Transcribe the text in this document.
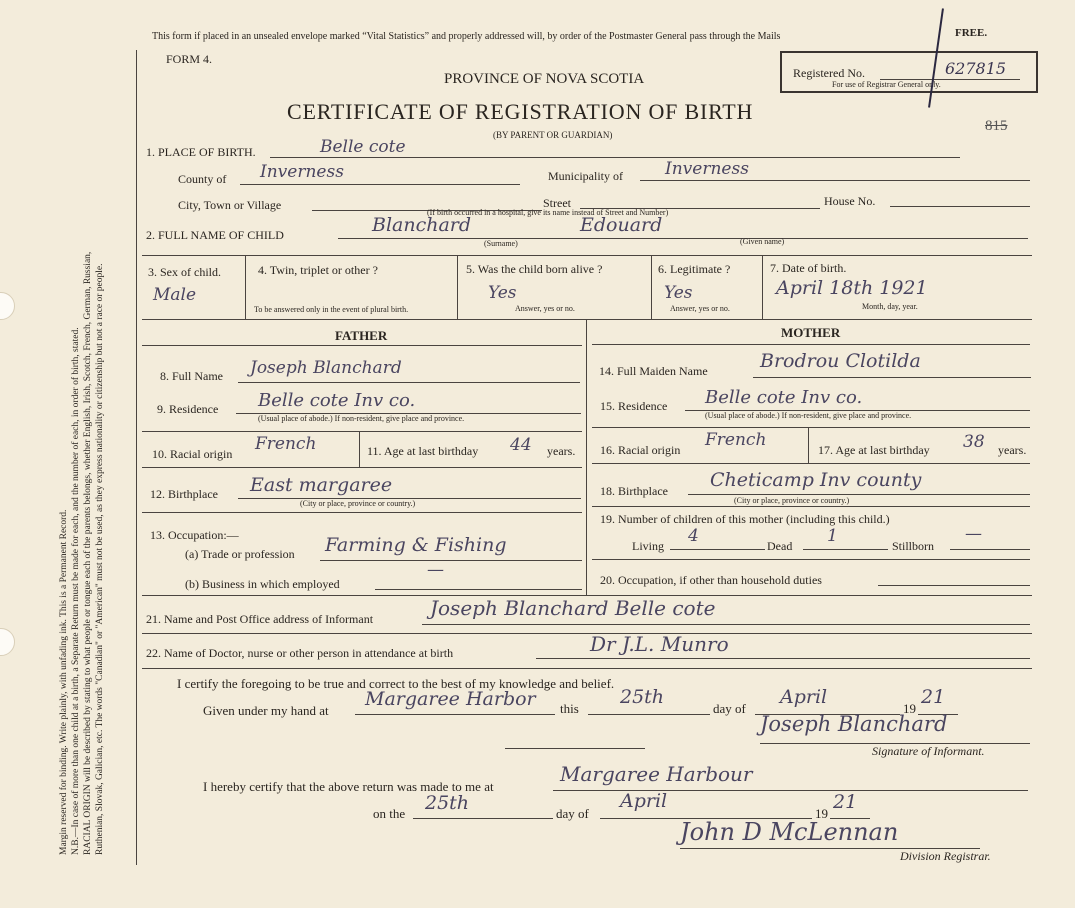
Margin reserved for binding. Write plainly, with unfading ink. This is a Permanent Record. N.B.—In case of more than one child at a birth, a Separate Return must be made for each, and the number of each, in order of birth, stated. RACIAL ORIGIN will be described by stating to what people or tongue each of the parents belongs, whether English, Irish, Scotch, French, German, Russian, Ruthenian, Slovak, Galician, etc. The words "Canadian" or "American" must not be used, as they express nationality or citizenship but not a race or people.
This form if placed in an unsealed envelope marked “Vital Statistics” and properly addressed will, by order of the Postmaster General pass through the Mails	FREE.
FORM 4.
PROVINCE OF NOVA SCOTIA
CERTIFICATE OF REGISTRATION OF BIRTH
(BY PARENT OR GUARDIAN)
Registered No.	627815
For use of Registrar General only.
815
1. PLACE OF BIRTH.	Belle cote
County of Inverness	Municipality of Inverness
City, Town or Village	Street	House No.
(If birth occurred in a hospital, give its name instead of Street and Number)
2. FULL NAME OF CHILD	Blanchard	Edouard
(Surname)	(Given name)
3. Sex of child.
Male
4. Twin, triplet or other ?
To be answered only in the event of plural birth.
5. Was the child born alive ?
Yes
Answer, yes or no.
6. Legitimate ?
Yes
Answer, yes or no.
7. Date of birth.
April 18th 1921
Month, day, year.
FATHER	MOTHER
8. Full Name Joseph Blanchard
9. Residence Belle cote Inv co.
(Usual place of abode.) If non-resident, give place and province.
10. Racial origin French	11. Age at last birthday 44 years.
12. Birthplace East margaree
(City or place, province or country.)
13. Occupation:—
(a) Trade or profession Farming & Fishing
(b) Business in which employed
—
14. Full Maiden Name	Brodrou Clotilda
15. Residence Belle cote Inv co.
(Usual place of abode.) If non-resident, give place and province.
16. Racial origin French	17. Age at last birthday 38 years.
18. Birthplace Cheticamp Inv county
(City or place, province or country.)
19. Number of children of this mother (including this child.)
Living 4	Dead 1	Stillborn
—
20. Occupation, if other than household duties
21. Name and Post Office address of Informant	Joseph Blanchard Belle cote
22. Name of Doctor, nurse or other person in attendance at birth	Dr J.L. Munro
I certify the foregoing to be true and correct to the best of my knowledge and belief.
Given under my hand at
Margaree Harbor this
25th
day of
April
19
21
Joseph Blanchard
Signature of Informant.
I hereby certify that the above return was made to me at
Margaree Harbour
on the 25th	day of
April
19
21
John D McLennan
Division Registrar.
